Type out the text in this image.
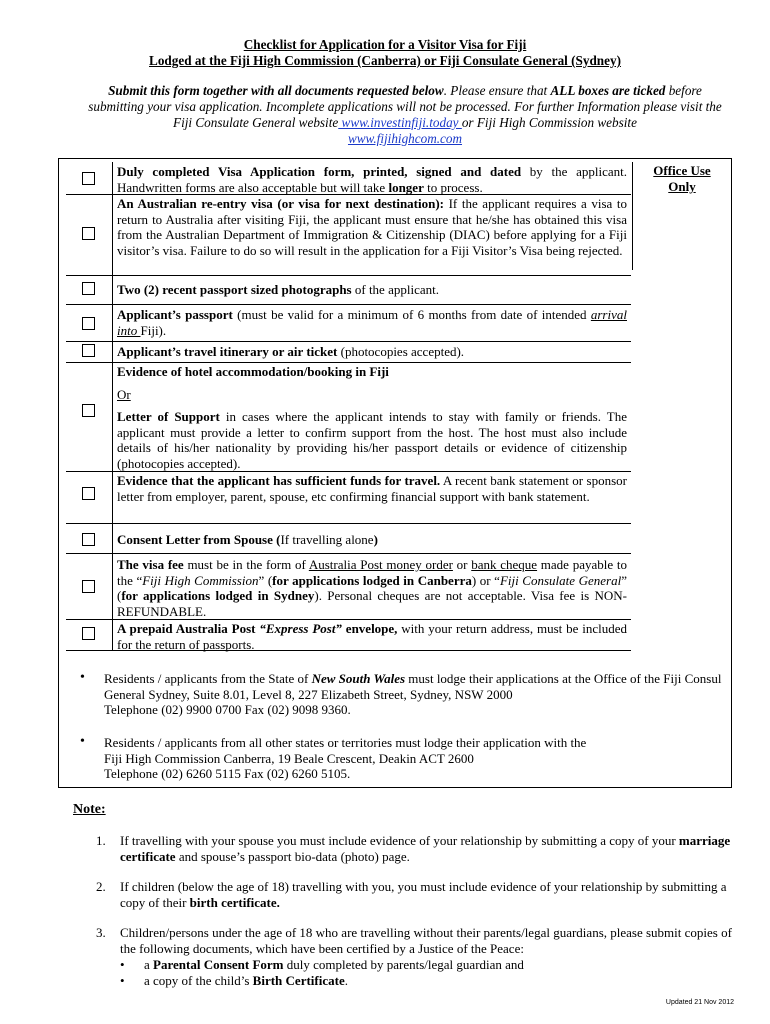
Checklist for Application for a Visitor Visa for Fiji
Lodged at the Fiji High Commission (Canberra) or Fiji Consulate General (Sydney)
Submit this form together with all documents requested below. Please ensure that ALL boxes are ticked before submitting your visa application. Incomplete applications will not be processed. For further Information please visit the Fiji Consulate General website www.investinfiji.today or Fiji High Commission website
www.fijihighcom.com
Office Use
Only
Duly completed Visa Application form, printed, signed and dated by the applicant. Handwritten forms are also acceptable but will take longer to process.
An Australian re-entry visa (or visa for next destination): If the applicant requires a visa to return to Australia after visiting Fiji, the applicant must ensure that he/she has obtained this visa from the Australian Department of Immigration & Citizenship (DIAC) before applying for a Fiji visitor’s visa. Failure to do so will result in the application for a Fiji Visitor’s Visa being rejected.
Two (2) recent passport sized photographs of the applicant.
Applicant’s passport (must be valid for a minimum of 6 months from date of intended arrival into Fiji).
Applicant’s travel itinerary or air ticket (photocopies accepted).
Evidence of hotel accommodation/booking in Fiji
Or
Letter of Support in cases where the applicant intends to stay with family or friends. The applicant must provide a letter to confirm support from the host. The host must also include details of his/her nationality by providing his/her passport details or evidence of citizenship (photocopies accepted).
Evidence that the applicant has sufficient funds for travel. A recent bank statement or sponsor letter from employer, parent, spouse, etc confirming financial support with bank statement.
Consent Letter from Spouse (If travelling alone)
The visa fee must be in the form of Australia Post money order or bank cheque made payable to the “Fiji High Commission” (for applications lodged in Canberra) or “Fiji Consulate General” (for applications lodged in Sydney). Personal cheques are not acceptable. Visa fee is NON-REFUNDABLE.
A prepaid Australia Post “Express Post” envelope, with your return address, must be included for the return of passports.
• Residents / applicants from the State of New South Wales must lodge their applications at the Office of the Fiji Consul General Sydney, Suite 8.01, Level 8, 227 Elizabeth Street, Sydney, NSW 2000
Telephone (02) 9900 0700 Fax (02) 9098 9360.
• Residents / applicants from all other states or territories must lodge their application with the
Fiji High Commission Canberra, 19 Beale Crescent, Deakin ACT 2600
Telephone (02) 6260 5115 Fax (02) 6260 5105.
Note:
1. If travelling with your spouse you must include evidence of your relationship by submitting a copy of your marriage certificate and spouse’s passport bio-data (photo) page.
2. If children (below the age of 18) travelling with you, you must include evidence of your relationship by submitting a copy of their birth certificate.
3. Children/persons under the age of 18 who are travelling without their parents/legal guardians, please submit copies of the following documents, which have been certified by a Justice of the Peace:
• a Parental Consent Form duly completed by parents/legal guardian and
• a copy of the child’s Birth Certificate.
Updated 21 Nov 2012
